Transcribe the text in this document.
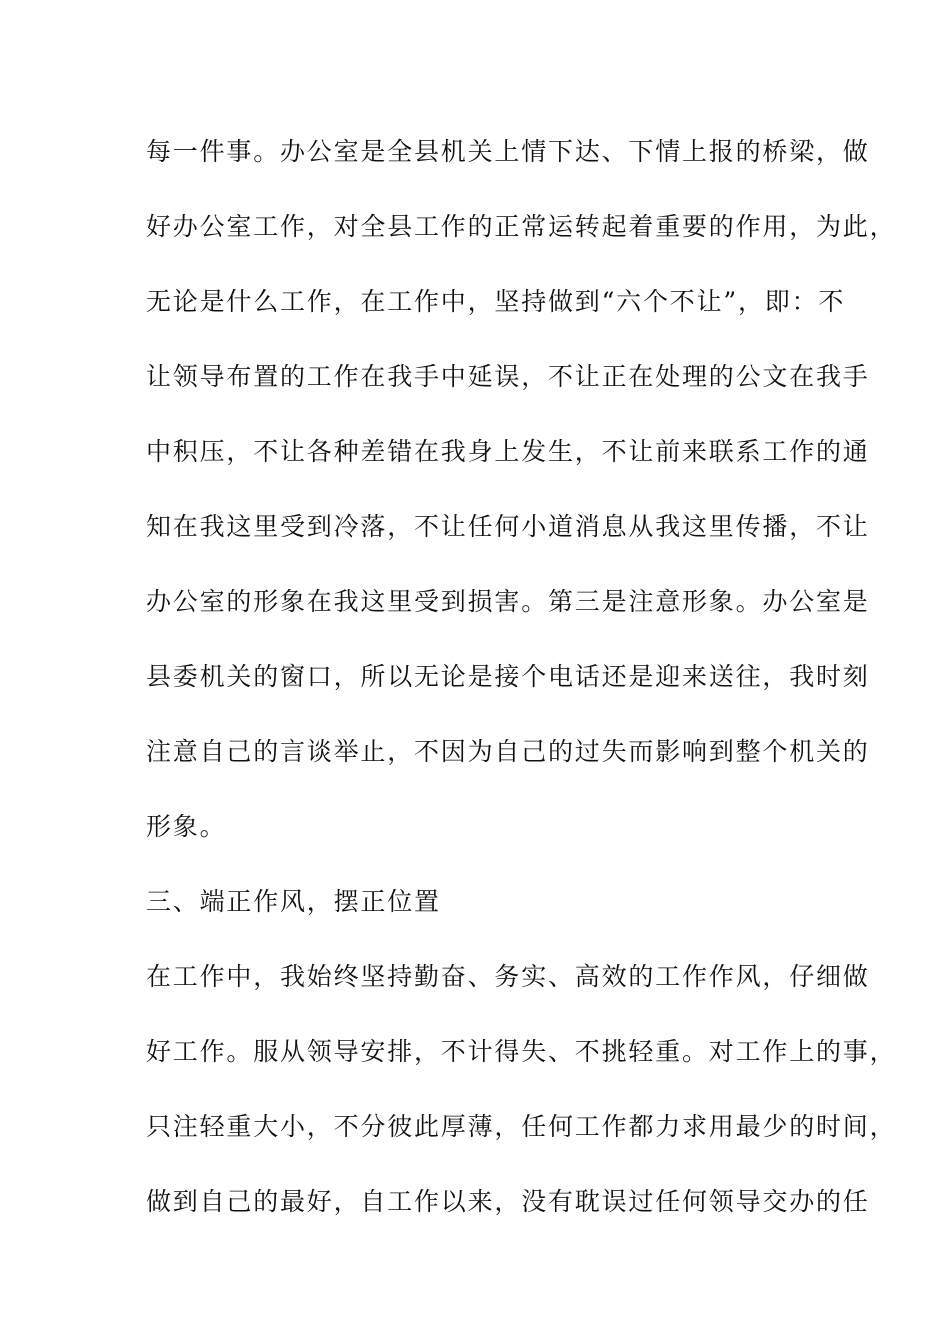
每一件事。办公室是全县机关上情下达、下情上报的桥梁，做
好办公室工作，对全县工作的正常运转起着重要的作用，为此，
无论是什么工作，在工作中，坚持做到“六个不让”，即：不
让领导布置的工作在我手中延误，不让正在处理的公文在我手
中积压，不让各种差错在我身上发生，不让前来联系工作的通
知在我这里受到冷落，不让任何小道消息从我这里传播，不让
办公室的形象在我这里受到损害。第三是注意形象。办公室是
县委机关的窗口，所以无论是接个电话还是迎来送往，我时刻
注意自己的言谈举止，不因为自己的过失而影响到整个机关的
形象。
三、端正作风，摆正位置
在工作中，我始终坚持勤奋、务实、高效的工作作风，仔细做
好工作。服从领导安排，不计得失、不挑轻重。对工作上的事，
只注轻重大小，不分彼此厚薄，任何工作都力求用最少的时间，
做到自己的最好，自工作以来，没有耽误过任何领导交办的任
